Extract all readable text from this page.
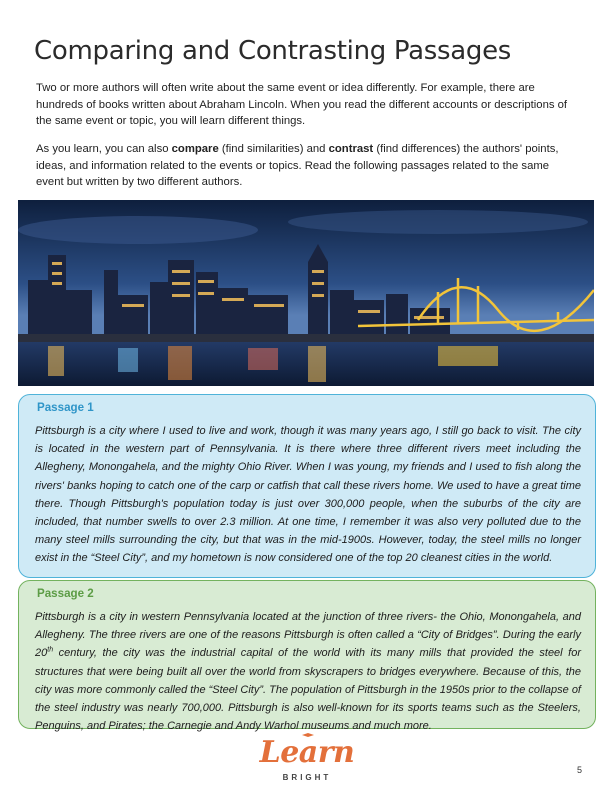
Comparing and Contrasting Passages

Two or more authors will often write about the same event or idea differently. For example, there are hundreds of books written about Abraham Lincoln. When you read the different accounts or descriptions of the same event or topic, you will learn different things.

As you learn, you can also compare (find similarities) and contrast (find differences) the authors' points, ideas, and information related to the events or topics. Read the following passages related to the same event but written by two different authors.

Passage 1

Pittsburgh is a city where I used to live and work, though it was many years ago, I still go back to visit. The city is located in the western part of Pennsylvania. It is there where three different rivers meet including the Allegheny, Monongahela, and the mighty Ohio River. When I was young, my friends and I used to fish along the rivers' banks hoping to catch one of the carp or catfish that call these rivers home. We used to have a great time there. Though Pittsburgh's population today is just over 300,000 people, when the suburbs of the city are included, that number swells to over 2.3 million. At one time, I remember it was also very polluted due to the many steel mills surrounding the city, but that was in the mid-1900s. However, today, the steel mills no longer exist in the “Steel City”, and my hometown is now considered one of the top 20 cleanest cities in the world.

Passage 2

Pittsburgh is a city in western Pennsylvania located at the junction of three rivers- the Ohio, Monongahela, and Allegheny. The three rivers are one of the reasons Pittsburgh is often called a “City of Bridges”. During the early 20th century, the city was the industrial capital of the world with its many mills that provided the steel for structures that were being built all over the world from skyscrapers to bridges everywhere. Because of this, the city was more commonly called the “Steel City”. The population of Pittsburgh in the 1950s prior to the collapse of the steel industry was nearly 700,000. Pittsburgh is also well-known for its sports teams such as the Steelers, Penguins, and Pirates; the Carnegie and Andy Warhol museums and much more.

Learn
BRIGHT
5
